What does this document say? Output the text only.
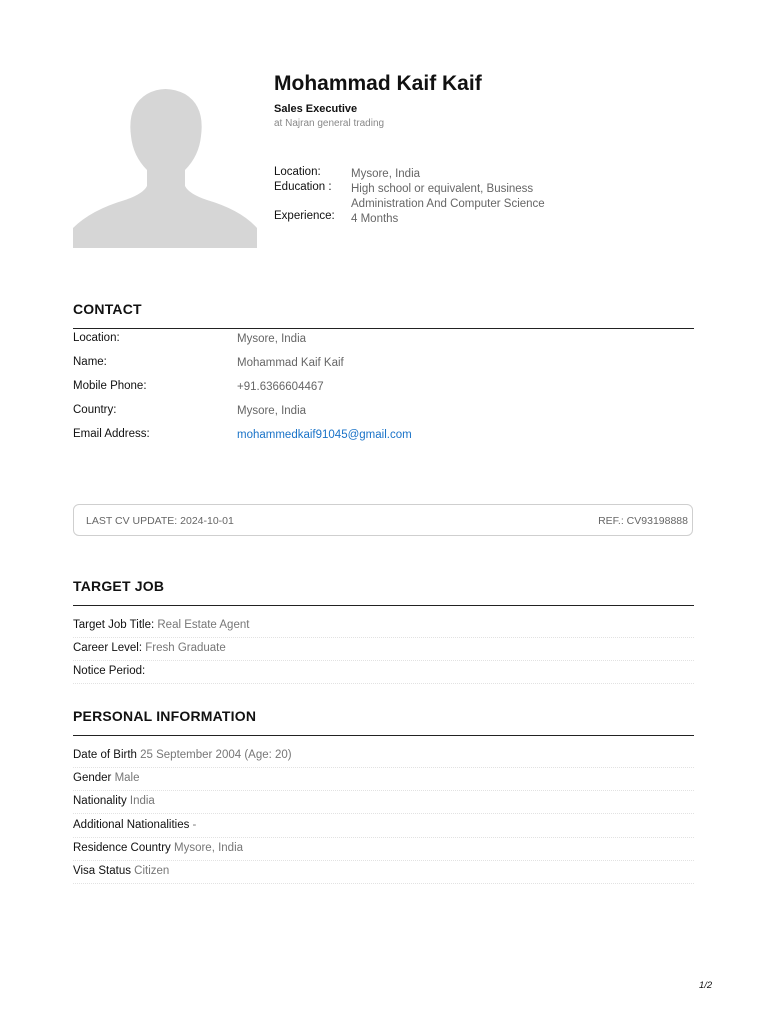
Mohammad Kaif Kaif
Sales Executive
at Najran general trading
Location:	Mysore, India
Education : High school or equivalent, Business Administration And Computer Science
Experience: 4 Months
CONTACT
Location:	Mysore, India
Name:	Mohammad Kaif Kaif
Mobile Phone:	+91.6366604467
Country:	Mysore, India
Email Address:	mohammedkaif91045@gmail.com
LAST CV UPDATE: 2024-10-01	REF.: CV93198888
TARGET JOB
Target Job Title: Real Estate Agent
Career Level: Fresh Graduate
Notice Period:
PERSONAL INFORMATION
Date of Birth 25 September 2004 (Age: 20)
Gender Male
Nationality India
Additional Nationalities -
Residence Country Mysore, India
Visa Status Citizen
1/2
